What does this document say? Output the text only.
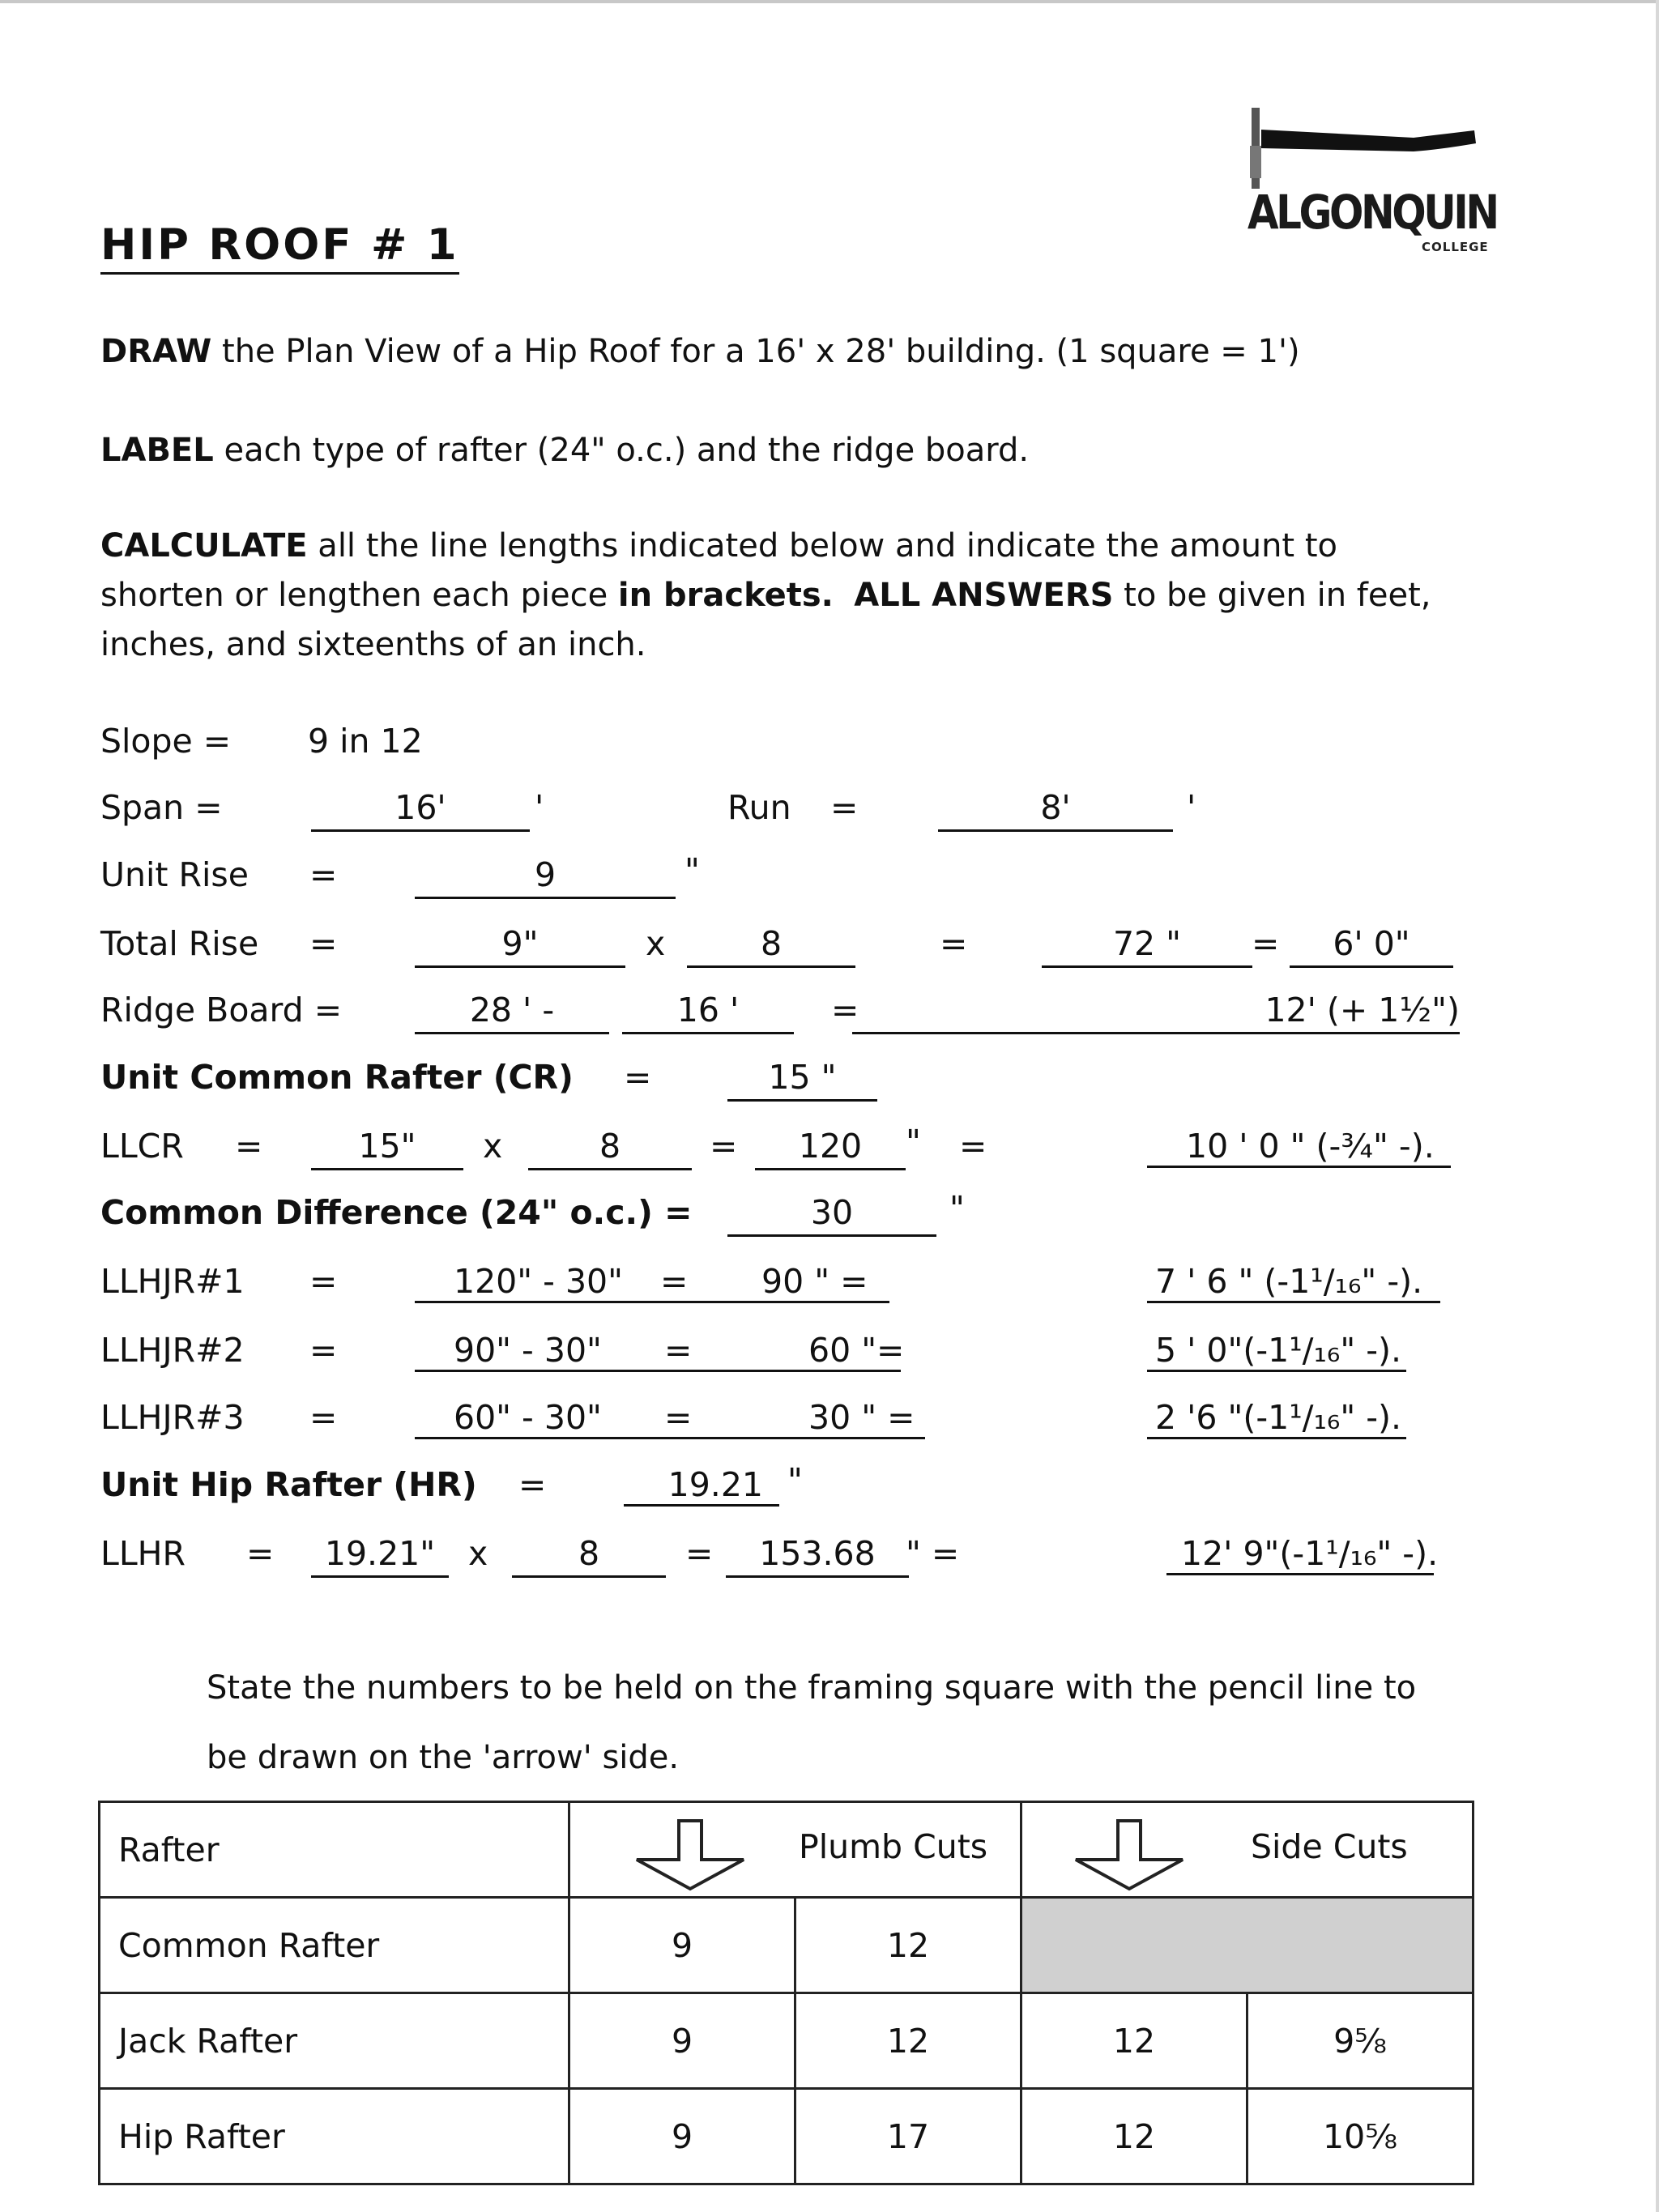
ALGONQUIN
COLLEGE
HIP ROOF # 1
DRAW the Plan View of a Hip Roof for a 16' x 28' building. (1 square = 1')
LABEL each type of rafter (24" o.c.) and the ridge board.
CALCULATE all the line lengths indicated below and indicate the amount to shorten or lengthen each piece in brackets. ALL ANSWERS to be given in feet, inches, and sixteenths of an inch.
Slope = 9 in 12
Span =	16'	'	Run =	8'	'
Unit Rise =	9	"
Total Rise =	9"	x	8	=	72 "	=	6' 0"
Ridge Board =	28 ' -	16 '	=	12' (+ 1½")
Unit Common Rafter (CR) =	15 "
LLCR =	15"	x	8	=	120	" =	10 ' 0 " (-¾" -).
Common Difference (24" o.c.) =	30	"
LLHJR#1 =	120" - 30"	= 90 " =	7 ' 6 " (-1¹/₁₆" -).
LLHJR#2 =	90" - 30"	=	60 "=	5 ' 0"(-1¹/₁₆" -).
LLHJR#3 =	60" - 30"	=	30 " =	2 '6 "(-1¹/₁₆" -).
Unit Hip Rafter (HR) =	19.21 "
LLHR =	19.21" x	8	=	153.68 " =	12' 9"(-1¹/₁₆" -).
State the numbers to be held on the framing square with the pencil line to
be drawn on the 'arrow' side.
Rafter	Plumb Cuts		Side Cuts	

Common Rafter	9	12		
Jack Rafter	9	12	12	9⅝
Hip Rafter	9	17	12	10⅝
